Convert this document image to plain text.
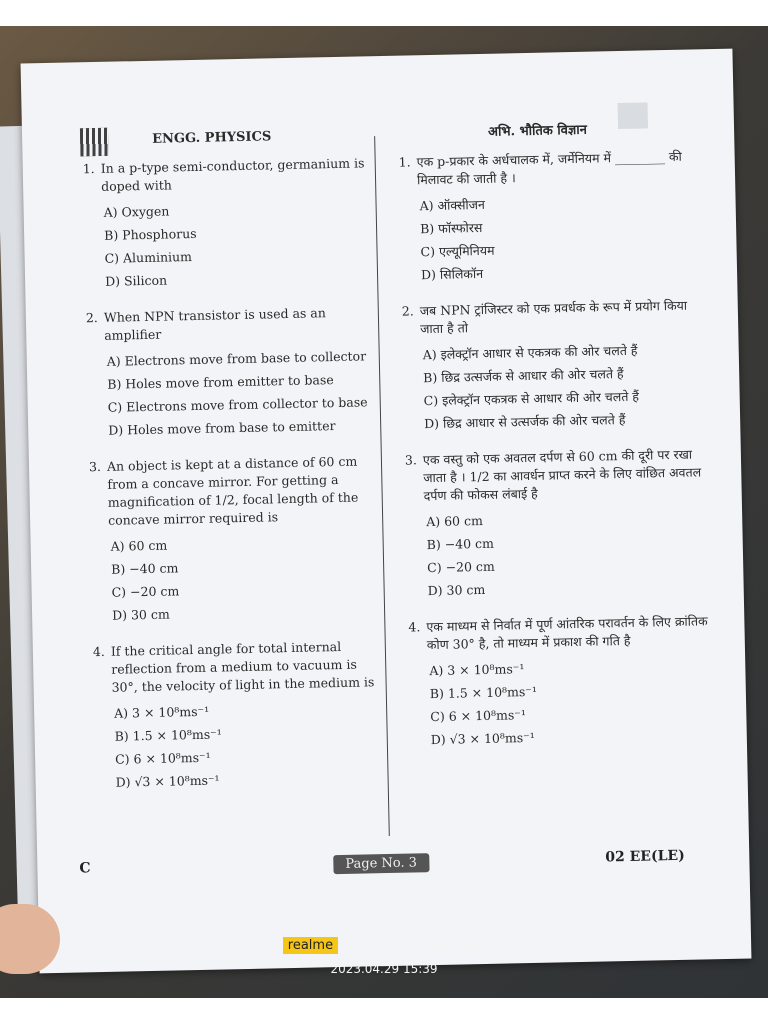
ENGG. PHYSICS
1. In a p-type semi-conductor, germanium is doped with
A) Oxygen
B) Phosphorus
C) Aluminium
D) Silicon
2. When NPN transistor is used as an amplifier
A) Electrons move from base to collector
B) Holes move from emitter to base
C) Electrons move from collector to base
D) Holes move from base to emitter
3. An object is kept at a distance of 60 cm from a concave mirror. For getting a magnification of 1/2, focal length of the concave mirror required is
A) 60 cm
B) −40 cm
C) −20 cm
D) 30 cm
4. If the critical angle for total internal reflection from a medium to vacuum is 30°, the velocity of light in the medium is
A) 3 × 10⁸ms⁻¹
B) 1.5 × 10⁸ms⁻¹
C) 6 × 10⁸ms⁻¹
D) √3 × 10⁸ms⁻¹
अभि. भौतिक विज्ञान
1. एक p-प्रकार के अर्धचालक में, जर्मेनियम में ________ की मिलावट की जाती है ।
A) ऑक्सीजन
B) फॉस्फोरस
C) एल्यूमिनियम
D) सिलिकॉन
2. जब NPN ट्रांजिस्टर को एक प्रवर्धक के रूप में प्रयोग किया जाता है तो
A) इलेक्ट्रॉन आधार से एकत्रक की ओर चलते हैं
B) छिद्र उत्सर्जक से आधार की ओर चलते हैं
C) इलेक्ट्रॉन एकत्रक से आधार की ओर चलते हैं
D) छिद्र आधार से उत्सर्जक की ओर चलते हैं
3. एक वस्तु को एक अवतल दर्पण से 60 cm की दूरी पर रखा जाता है । 1/2 का आवर्धन प्राप्त करने के लिए वांछित अवतल दर्पण की फोकस लंबाई है
A) 60 cm
B) −40 cm
C) −20 cm
D) 30 cm
4. एक माध्यम से निर्वात में पूर्ण आंतरिक परावर्तन के लिए क्रांतिक कोण 30° है, तो माध्यम में प्रकाश की गति है
A) 3 × 10⁸ms⁻¹
B) 1.5 × 10⁸ms⁻¹
C) 6 × 10⁸ms⁻¹
D) √3 × 10⁸ms⁻¹
C	Page No. 3	02 EE(LE)
realme Shot by realme
2023.04.29 15:39
